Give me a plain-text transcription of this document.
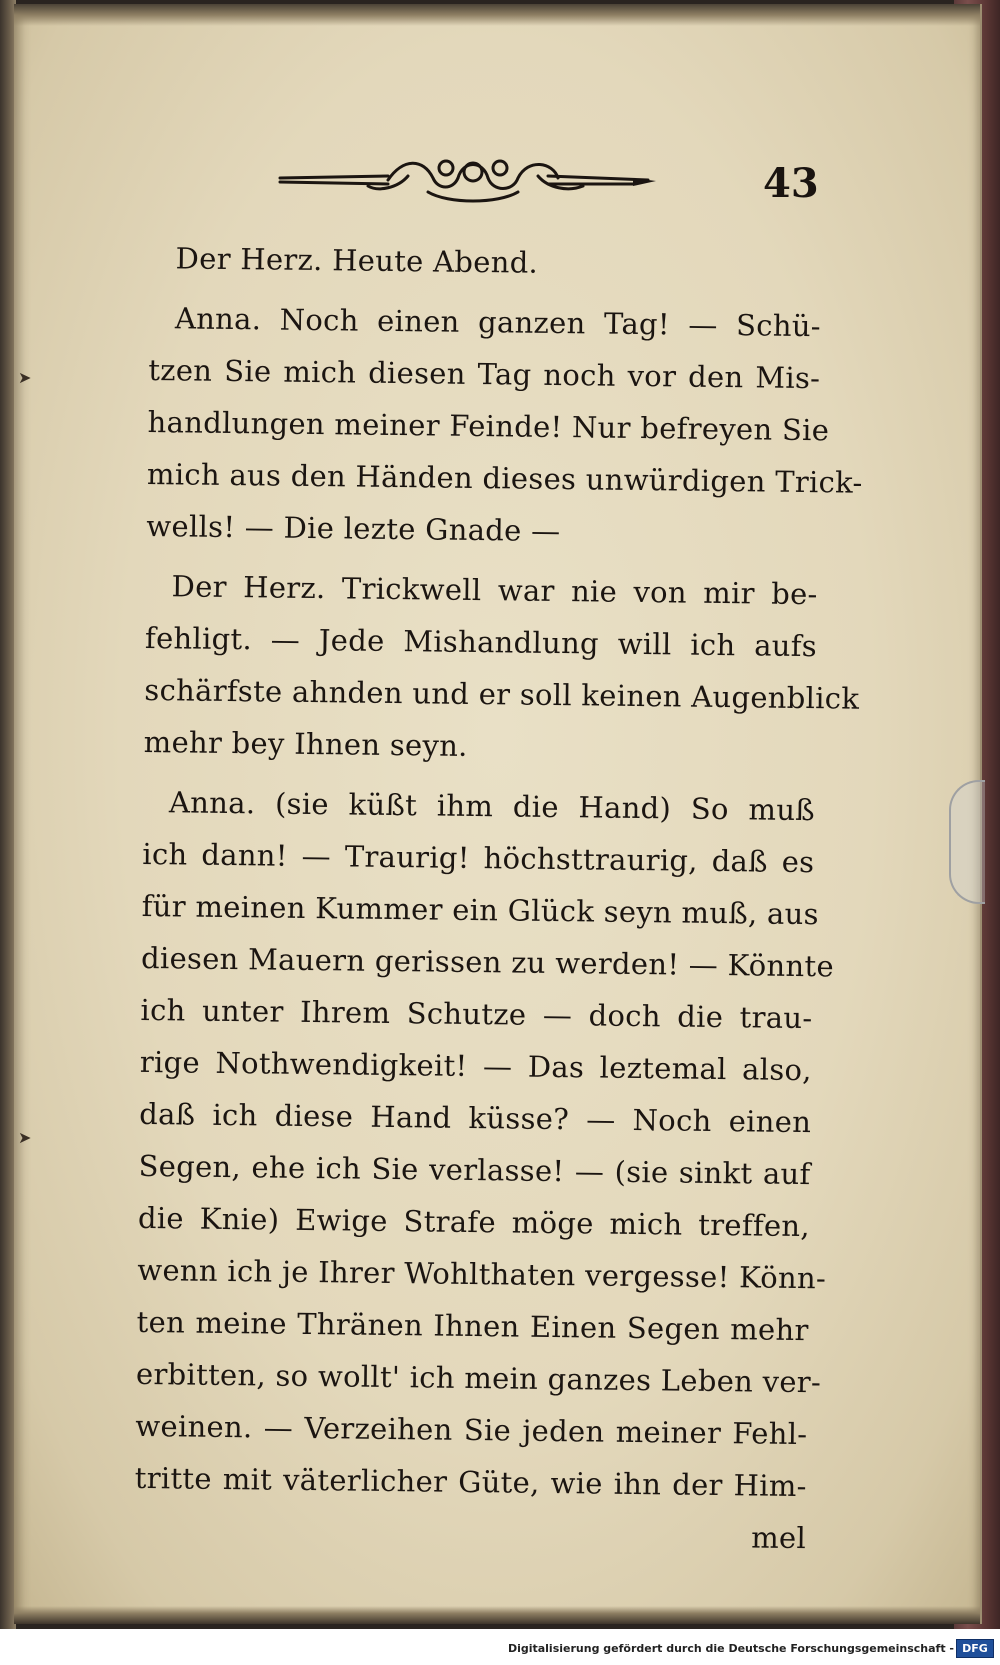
➤
➤
43
Der Herz. Heute Abend.
Anna. Noch einen ganzen Tag! — Schü-
tzen Sie mich diesen Tag noch vor den Mis-
handlungen meiner Feinde! Nur befreyen Sie
mich aus den Händen dieses unwürdigen Trick-
wells! — Die lezte Gnade —
Der Herz. Trickwell war nie von mir be-
fehligt. — Jede Mishandlung will ich aufs
schärfste ahnden und er soll keinen Augenblick
mehr bey Ihnen seyn.
Anna. (sie küßt ihm die Hand) So muß
ich dann! — Traurig! höchsttraurig, daß es
für meinen Kummer ein Glück seyn muß, aus
diesen Mauern gerissen zu werden! — Könnte
ich unter Ihrem Schutze — doch die trau-
rige Nothwendigkeit! — Das leztemal also,
daß ich diese Hand küsse? — Noch einen
Segen, ehe ich Sie verlasse! — (sie sinkt auf
die Knie) Ewige Strafe möge mich treffen,
wenn ich je Ihrer Wohlthaten vergesse! Könn-
ten meine Thränen Ihnen Einen Segen mehr
erbitten, so wollt' ich mein ganzes Leben ver-
weinen. — Verzeihen Sie jeden meiner Fehl-
tritte mit väterlicher Güte, wie ihn der Him-
mel
Digitalisierung gefördert durch die Deutsche Forschungsgemeinschaft - DFG
